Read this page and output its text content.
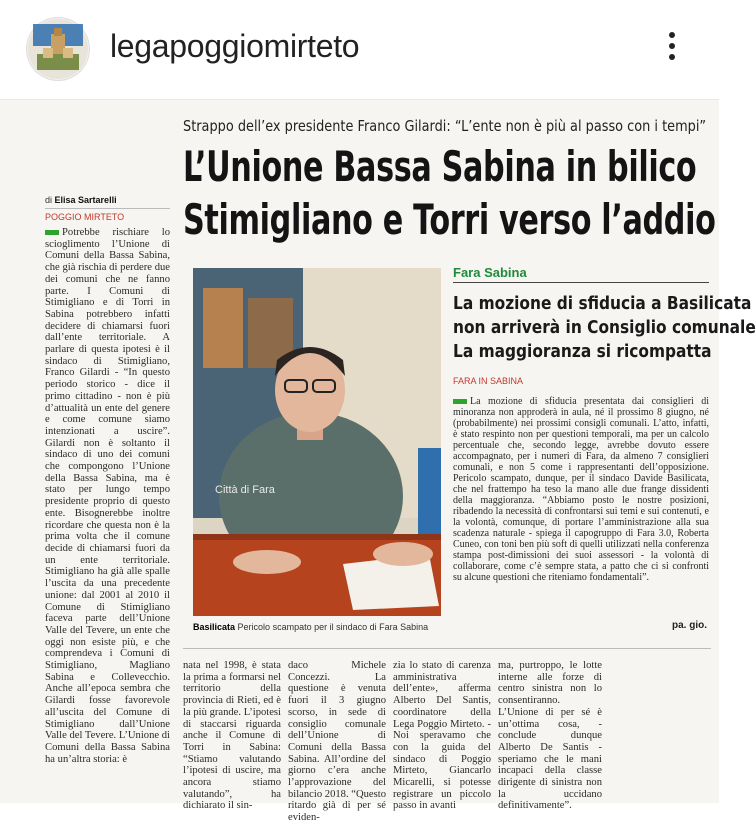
legapoggiomirteto
Strappo dell’ex presidente Franco Gilardi: “L’ente non è più al passo con i tempi”
L’Unione Bassa Sabina in bilico
Stimigliano e Torri verso l’addio
di Elisa Sartarelli
POGGIO MIRTETO
Potrebbe rischiare lo scioglimento l’Unione di Comuni della Bassa Sabina, che già rischia di perdere due dei comuni che ne fanno parte. I Comuni di Stimigliano e di Torri in Sabina potrebbero infatti decidere di chiamarsi fuori dall’ente territoriale. A parlare di questa ipotesi è il sindaco di Stimigliano, Franco Gilardi - “In questo periodo storico - dice il primo cittadino - non è più d’attualità un ente del genere e come comune siamo intenzionati a uscire”. Gilardi non è soltanto il sindaco di uno dei comuni che compongono l’Unione della Bassa Sabina, ma è stato per lungo tempo presidente proprio di questo ente. Bisognerebbe inoltre ricordare che questa non è la prima volta che il comune decide di chiamarsi fuori da un ente territoriale. Stimigliano ha già alle spalle l’uscita da una precedente unione: dal 2001 al 2010 il Comune di Stimigliano faceva parte dell’Unione Valle del Tevere, un ente che oggi non esiste più, e che comprendeva i Comuni di Stimigliano, Magliano Sabina e Collevecchio. Anche all’epoca sembra che Gilardi fosse favorevole all’uscita del Comune di Stimigliano dall’Unione Valle del Tevere. L’Unione di Comuni della Bassa Sabina ha un’altra storia: è
Città di Fara
Basilicata Pericolo scampato per il sindaco di Fara Sabina
Fara Sabina
La mozione di sfiducia a Basilicata
non arriverà in Consiglio comunale
La maggioranza si ricompatta
FARA IN SABINA
La mozione di sfiducia presentata dai consiglieri di minoranza non approderà in aula, né il prossimo 8 giugno, né (probabilmente) nei prossimi consigli comunali. L’atto, infatti, è stato respinto non per questioni temporali, ma per un calcolo percentuale che, secondo legge, avrebbe dovuto essere accompagnato, per i numeri di Fara, da almeno 7 consiglieri comunali, e non 5 come i rappresentanti dell’opposizione. Pericolo scampato, dunque, per il sindaco Davide Basilicata, che nel frattempo ha teso la mano alle due frange dissidenti della maggioranza. “Abbiamo posto le nostre posizioni, ribadendo la necessità di confrontarsi sui temi e sui contenuti, e la volontà, comunque, di portare l’amministrazione alla sua scadenza naturale - spiega il capogruppo di Fara 3.0, Roberta Cuneo, con toni ben più soft di quelli utilizzati nella conferenza stampa post-dimissioni dei suoi assessori - la volontà di collaborare, come c’è sempre stata, a patto che ci si confronti su alcune questioni che riteniamo fondamentali”.
pa. gio.
nata nel 1998, è stata la prima a formarsi nel territorio della provincia di Rieti, ed è la più grande. L’ipotesi di staccarsi riguarda anche il Comune di Torri in Sabina: “Stiamo valutando l’ipotesi di uscire, ma ancora stiamo valutando”, ha dichiarato il sin-
daco Michele Concezzi. La questione è venuta fuori il 3 giugno scorso, in sede di consiglio comunale dell’Unione di Comuni della Bassa Sabina. All’ordine del giorno c’era anche l’approvazione del bilancio 2018. “Questo ritardo già di per sé eviden-
zia lo stato di carenza amministrativa dell’ente», afferma Alberto Del Santis, coordinatore della Lega Poggio Mirteto. - Noi speravamo che con la guida del sindaco di Poggio Mirteto, Giancarlo Micarelli, si potesse registrare un piccolo passo in avanti
ma, purtroppo, le lotte interne alle forze di centro sinistra non lo consentiranno. L’Unione di per sé è un’ottima cosa, - conclude dunque Alberto De Santis - speriamo che le mani incapaci della classe dirigente di sinistra non la uccidano definitivamente”.
